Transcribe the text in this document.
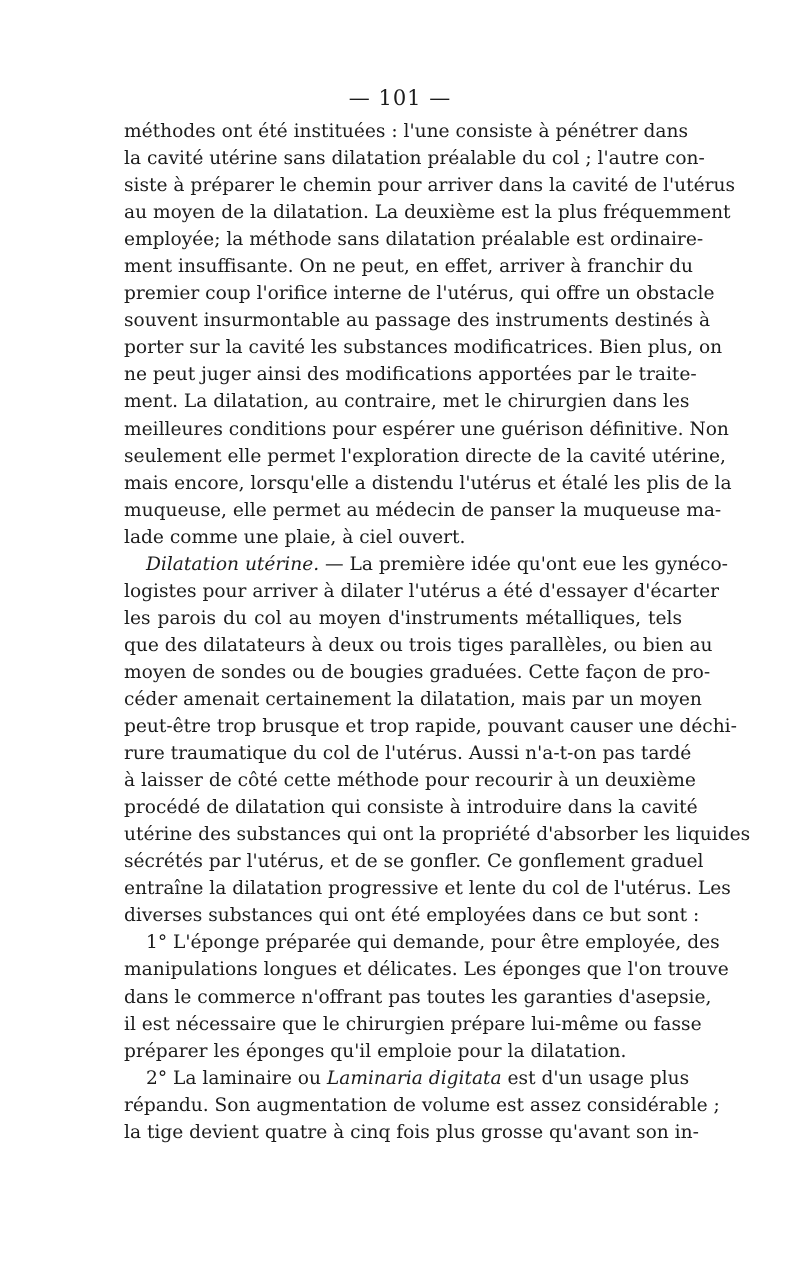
— 101 —
méthodes ont été instituées : l'une consiste à pénétrer dans
la cavité utérine sans dilatation préalable du col ; l'autre con-
siste à préparer le chemin pour arriver dans la cavité de l'utérus
au moyen de la dilatation. La deuxième est la plus fréquemment
employée; la méthode sans dilatation préalable est ordinaire-
ment insuffisante. On ne peut, en effet, arriver à franchir du
premier coup l'orifice interne de l'utérus, qui offre un obstacle
souvent insurmontable au passage des instruments destinés à
porter sur la cavité les substances modificatrices. Bien plus, on
ne peut juger ainsi des modifications apportées par le traite-
ment. La dilatation, au contraire, met le chirurgien dans les
meilleures conditions pour espérer une guérison définitive. Non
seulement elle permet l'exploration directe de la cavité utérine,
mais encore, lorsqu'elle a distendu l'utérus et étalé les plis de la
muqueuse, elle permet au médecin de panser la muqueuse ma-
lade comme une plaie, à ciel ouvert.
Dilatation utérine. — La première idée qu'ont eue les gynéco-
logistes pour arriver à dilater l'utérus a été d'essayer d'écarter
les parois du col au moyen d'instruments métalliques, tels
que des dilatateurs à deux ou trois tiges parallèles, ou bien au
moyen de sondes ou de bougies graduées. Cette façon de pro-
céder amenait certainement la dilatation, mais par un moyen
peut-être trop brusque et trop rapide, pouvant causer une déchi-
rure traumatique du col de l'utérus. Aussi n'a-t-on pas tardé
à laisser de côté cette méthode pour recourir à un deuxième
procédé de dilatation qui consiste à introduire dans la cavité
utérine des substances qui ont la propriété d'absorber les liquides
sécrétés par l'utérus, et de se gonfler. Ce gonflement graduel
entraîne la dilatation progressive et lente du col de l'utérus. Les
diverses substances qui ont été employées dans ce but sont :
1° L'éponge préparée qui demande, pour être employée, des
manipulations longues et délicates. Les éponges que l'on trouve
dans le commerce n'offrant pas toutes les garanties d'asepsie,
il est nécessaire que le chirurgien prépare lui-même ou fasse
préparer les éponges qu'il emploie pour la dilatation.
2° La laminaire ou Laminaria digitata est d'un usage plus
répandu. Son augmentation de volume est assez considérable ;
la tige devient quatre à cinq fois plus grosse qu'avant son in-
